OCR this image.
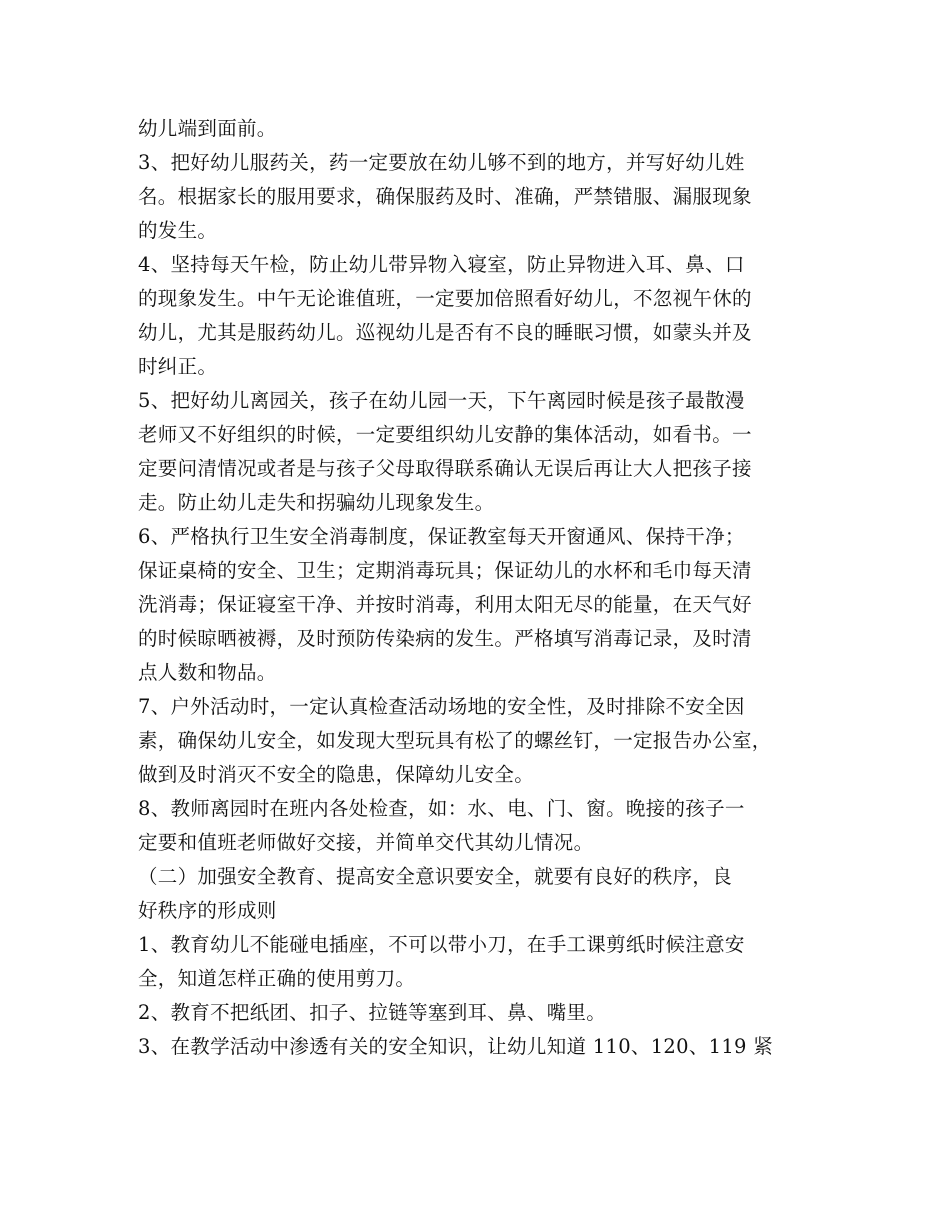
幼儿端到面前。
3、把好幼儿服药关，药一定要放在幼儿够不到的地方，并写好幼儿姓
名。根据家长的服用要求，确保服药及时、准确，严禁错服、漏服现象
的发生。
4、坚持每天午检，防止幼儿带异物入寝室，防止异物进入耳、鼻、口
的现象发生。中午无论谁值班，一定要加倍照看好幼儿，不忽视午休的
幼儿，尤其是服药幼儿。巡视幼儿是否有不良的睡眠习惯，如蒙头并及
时纠正。
5、把好幼儿离园关，孩子在幼儿园一天，下午离园时候是孩子最散漫
老师又不好组织的时候，一定要组织幼儿安静的集体活动，如看书。一
定要问清情况或者是与孩子父母取得联系确认无误后再让大人把孩子接
走。防止幼儿走失和拐骗幼儿现象发生。
6、严格执行卫生安全消毒制度，保证教室每天开窗通风、保持干净；
保证桌椅的安全、卫生；定期消毒玩具；保证幼儿的水杯和毛巾每天清
洗消毒；保证寝室干净、并按时消毒，利用太阳无尽的能量，在天气好
的时候晾晒被褥，及时预防传染病的发生。严格填写消毒记录，及时清
点人数和物品。
7、户外活动时，一定认真检查活动场地的安全性，及时排除不安全因
素，确保幼儿安全，如发现大型玩具有松了的螺丝钉，一定报告办公室，
做到及时消灭不安全的隐患，保障幼儿安全。
8、教师离园时在班内各处检查，如：水、电、门、窗。晚接的孩子一
定要和值班老师做好交接，并简单交代其幼儿情况。
（二）加强安全教育、提高安全意识要安全，就要有良好的秩序，良
好秩序的形成则
1、教育幼儿不能碰电插座，不可以带小刀，在手工课剪纸时候注意安
全，知道怎样正确的使用剪刀。
2、教育不把纸团、扣子、拉链等塞到耳、鼻、嘴里。
3、在教学活动中渗透有关的安全知识，让幼儿知道 110、120、119 紧
